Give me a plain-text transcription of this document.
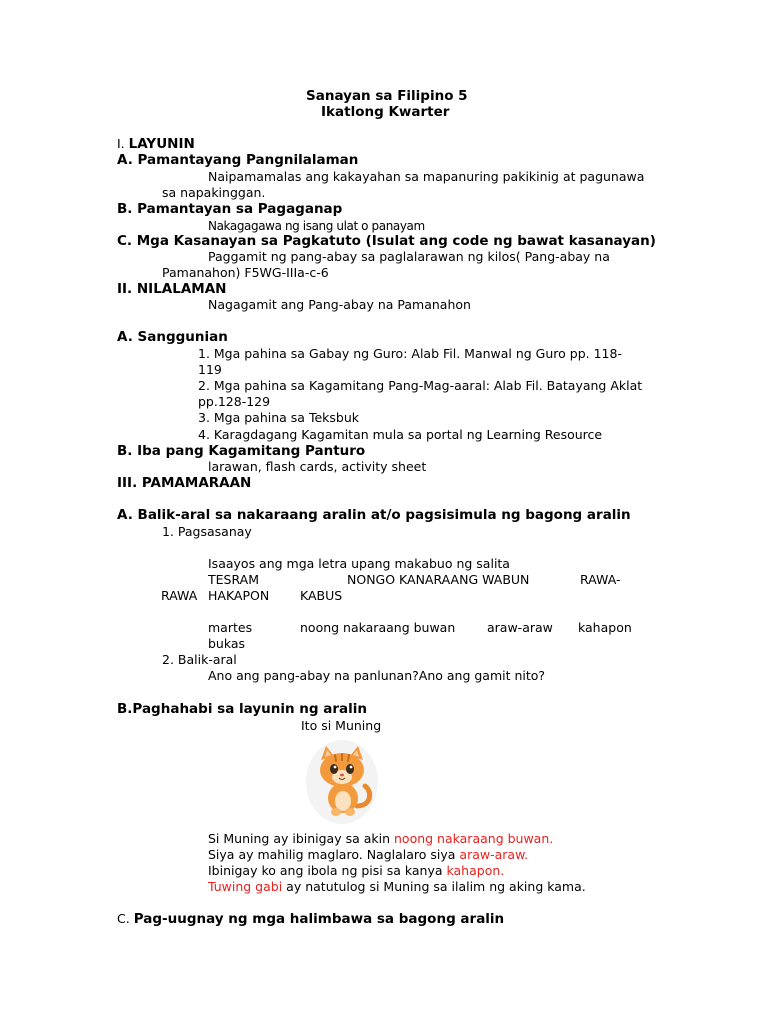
Sanayan sa Filipino 5
Ikatlong Kwarter
I. LAYUNIN
A. Pamantayang Pangnilalaman
Naipamamalas ang kakayahan sa mapanuring pakikinig at pagunawa
sa napakinggan.
B. Pamantayan sa Pagaganap
Nakagagawa ng isang ulat o panayam
C. Mga Kasanayan sa Pagkatuto (Isulat ang code ng bawat kasanayan)
Paggamit ng pang-abay sa paglalarawan ng kilos( Pang-abay na
Pamanahon) F5WG-IIIa-c-6
II. NILALAMAN
Nagagamit ang Pang-abay na Pamanahon
A. Sanggunian
1. Mga pahina sa Gabay ng Guro: Alab Fil. Manwal ng Guro pp. 118-
119
2. Mga pahina sa Kagamitang Pang-Mag-aaral: Alab Fil. Batayang Aklat
pp.128-129
3. Mga pahina sa Teksbuk
4. Karagdagang Kagamitan mula sa portal ng Learning Resource
B. Iba pang Kagamitang Panturo
larawan, flash cards, activity sheet
III. PAMAMARAAN
A. Balik-aral sa nakaraang aralin at/o pagsisimula ng bagong aralin
1. Pagsasanay
Isaayos ang mga letra upang makabuo ng salita
TESRAM	NONGO KANARAANG WABUN	RAWA-
RAWA HAKAPON KABUS
martes	noong nakaraang buwan	araw-araw kahapon
bukas
2. Balik-aral
Ano ang pang-abay na panlunan?Ano ang gamit nito?
B.Paghahabi sa layunin ng aralin
Ito si Muning
Si Muning ay ibinigay sa akin noong nakaraang buwan.
Siya ay mahilig maglaro. Naglalaro siya araw-araw.
Ibinigay ko ang ibola ng pisi sa kanya kahapon.
Tuwing gabi ay natutulog si Muning sa ilalim ng aking kama.
C. Pag-uugnay ng mga halimbawa sa bagong aralin
